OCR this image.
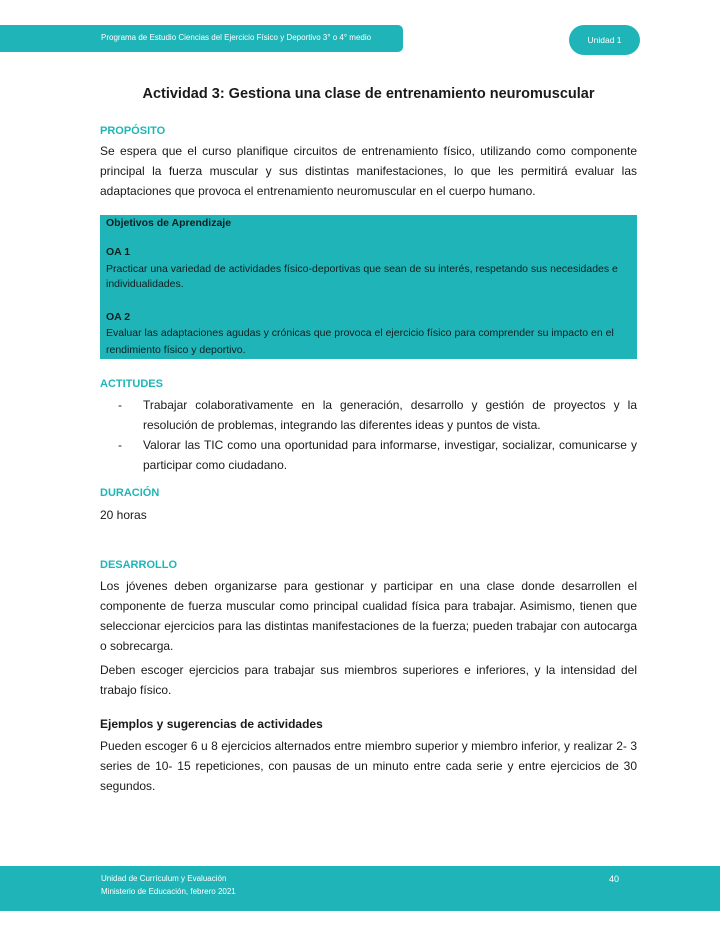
Programa de Estudio Ciencias del Ejercicio Físico y Deportivo 3° o 4° medio	Unidad 1
Actividad 3: Gestiona una clase de entrenamiento neuromuscular
PROPÓSITO

Se espera que el curso planifique circuitos de entrenamiento físico, utilizando como componente principal la fuerza muscular y sus distintas manifestaciones, lo que les permitirá evaluar las adaptaciones que provoca el entrenamiento neuromuscular en el cuerpo humano.

Objetivos de Aprendizaje
OA 1
Practicar una variedad de actividades físico-deportivas que sean de su interés, respetando sus necesidades e
individualidades.
OA 2
Evaluar las adaptaciones agudas y crónicas que provoca el ejercicio físico para comprender su impacto en el
rendimiento físico y deportivo.
ACTITUDES
- Trabajar colaborativamente en la generación, desarrollo y gestión de proyectos y la resolución de problemas, integrando las diferentes ideas y puntos de vista.
- Valorar las TIC como una oportunidad para informarse, investigar, socializar, comunicarse y participar como ciudadano.
DURACIÓN

20 horas

DESARROLLO

Los jóvenes deben organizarse para gestionar y participar en una clase donde desarrollen el componente de fuerza muscular como principal cualidad física para trabajar. Asimismo, tienen que seleccionar ejercicios para las distintas manifestaciones de la fuerza; pueden trabajar con autocarga o sobrecarga.

Deben escoger ejercicios para trabajar sus miembros superiores e inferiores, y la intensidad del trabajo físico.

Ejemplos y sugerencias de actividades

Pueden escoger 6 u 8 ejercicios alternados entre miembro superior y miembro inferior, y realizar 2- 3 series de 10- 15 repeticiones, con pausas de un minuto entre cada serie y entre ejercicios de 30 segundos.

Unidad de Currículum y Evaluación
Ministerio de Educación, febrero 2021
40
